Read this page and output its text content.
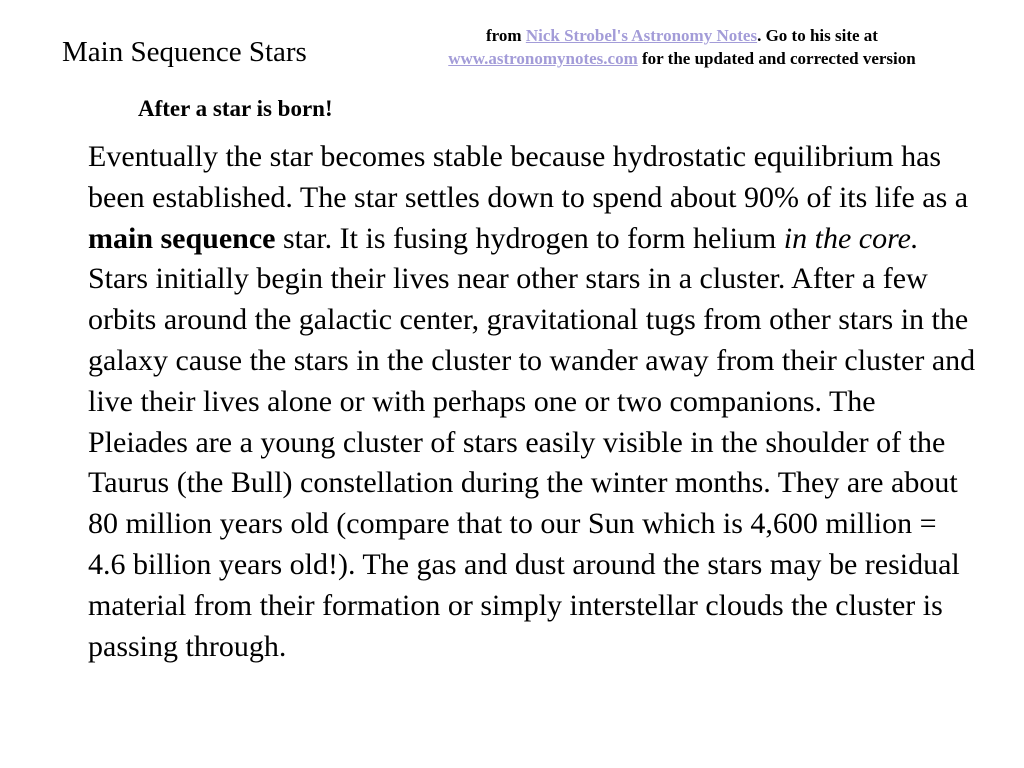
Main Sequence Stars
from Nick Strobel's Astronomy Notes. Go to his site at
www.astronomynotes.com for the updated and corrected version
After a star is born!

Eventually the star becomes stable because hydrostatic equilibrium has been established. The star settles down to spend about 90% of its life as a main sequence star. It is fusing hydrogen to form helium in the core. Stars initially begin their lives near other stars in a cluster. After a few orbits around the galactic center, gravitational tugs from other stars in the galaxy cause the stars in the cluster to wander away from their cluster and live their lives alone or with perhaps one or two companions. The Pleiades are a young cluster of stars easily visible in the shoulder of the Taurus (the Bull) constellation during the winter months. They are about 80 million years old (compare that to our Sun which is 4,600 million = 4.6 billion years old!). The gas and dust around the stars may be residual material from their formation or simply interstellar clouds the cluster is passing through.
